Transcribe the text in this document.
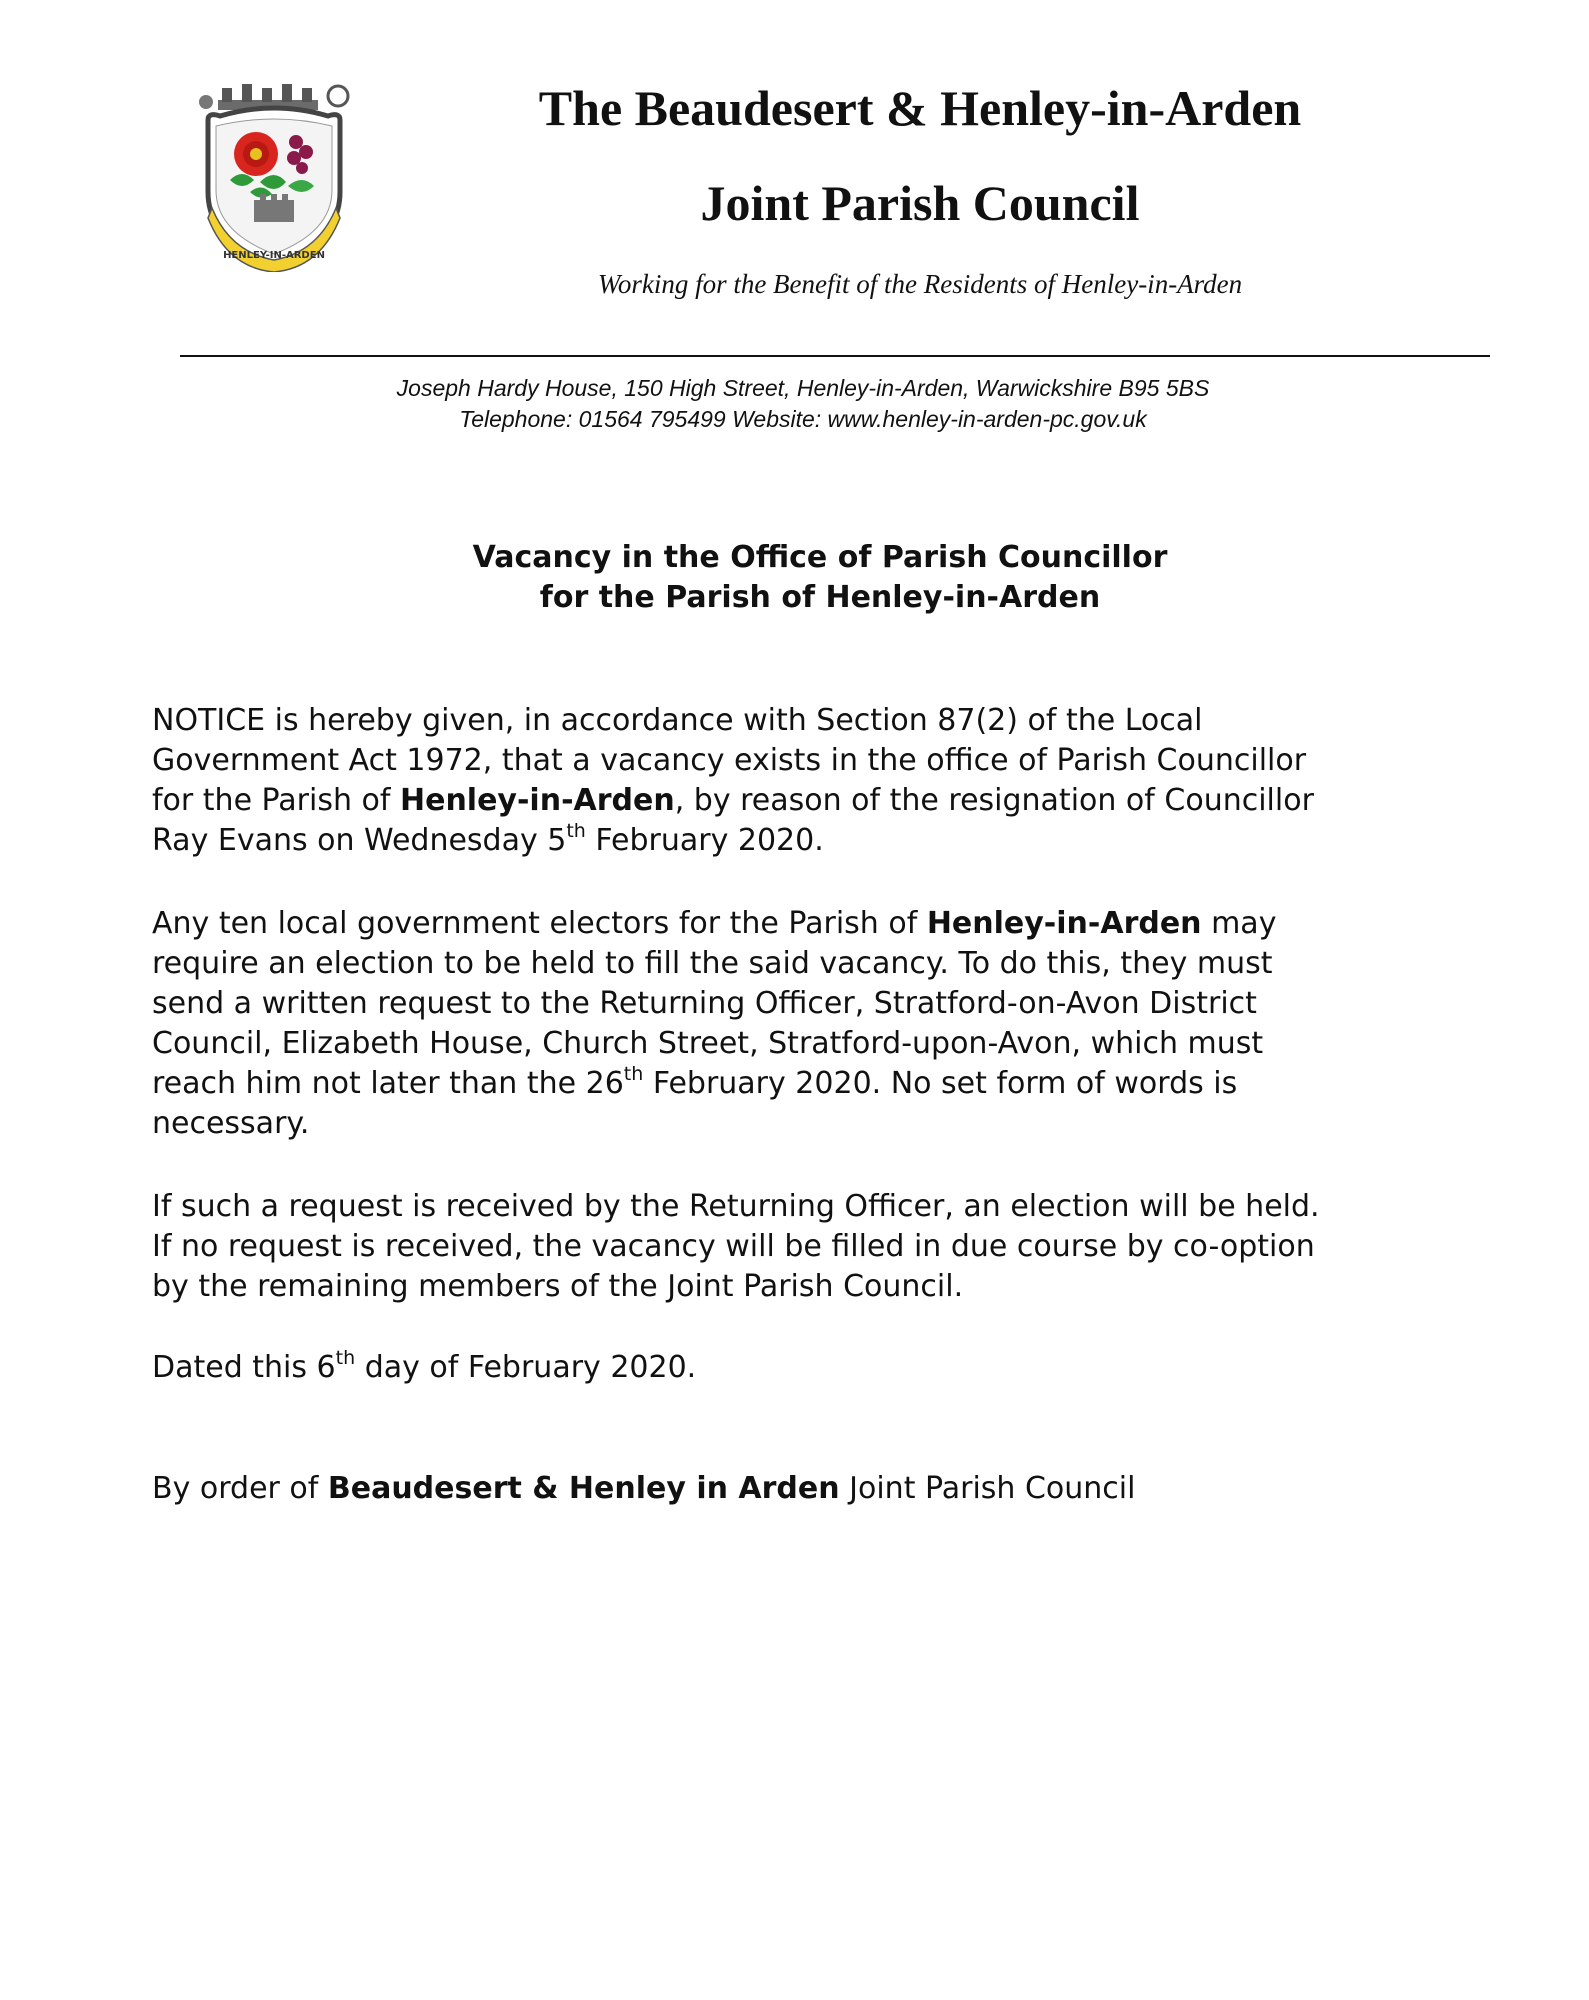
HENLEY-IN-ARDEN
The Beaudesert & Henley-in-Arden
Joint Parish Council
Working for the Benefit of the Residents of Henley-in-Arden
Joseph Hardy House, 150 High Street, Henley-in-Arden, Warwickshire B95 5BS
Telephone: 01564 795499 Website: www.henley-in-arden-pc.gov.uk
Vacancy in the Office of Parish Councillor
for the Parish of Henley-in-Arden

NOTICE is hereby given, in accordance with Section 87(2) of the Local

Government Act 1972, that a vacancy exists in the office of Parish Councillor

for the Parish of Henley-in-Arden, by reason of the resignation of Councillor

Ray Evans on Wednesday 5th February 2020.

Any ten local government electors for the Parish of Henley-in-Arden may

require an election to be held to fill the said vacancy. To do this, they must

send a written request to the Returning Officer, Stratford-on-Avon District

Council, Elizabeth House, Church Street, Stratford-upon-Avon, which must

reach him not later than the 26th February 2020. No set form of words is

necessary.

If such a request is received by the Returning Officer, an election will be held.

If no request is received, the vacancy will be filled in due course by co-option

by the remaining members of the Joint Parish Council.

Dated this 6th day of February 2020.

By order of Beaudesert & Henley in Arden Joint Parish Council
